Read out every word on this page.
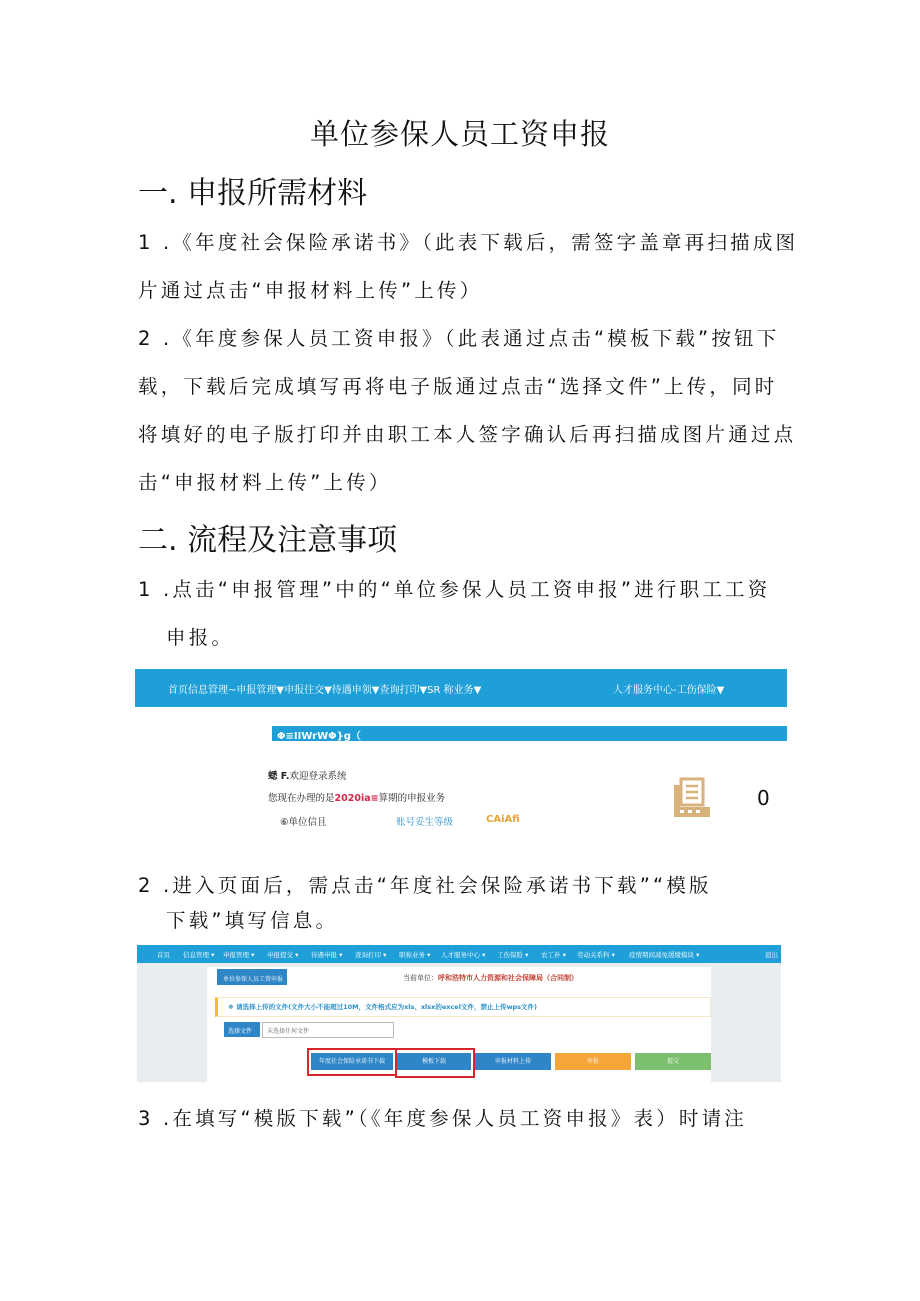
单位参保人员工资申报
一. 申报所需材料
1 .《年度社会保险承诺书》（此表下载后，需签字盖章再扫描成图
片通过点击“申报材料上传”上传）
2 .《年度参保人员工资申报》（此表通过点击“模板下载”按钮下
载，下载后完成填写再将电子版通过点击“选择文件”上传，同时
将填好的电子版打印并由职工本人签字确认后再扫描成图片通过点
击“申报材料上传”上传）
二. 流程及注意事项
1 .点击“申报管理”中的“单位参保人员工资申报”进行职工工资
申报。
首页信息管理~申报管理▼申报往交▼待遇申领▼查询打印▼SR 称业务▼	人才服务中心-工伤保险▼
Φ≡IIWrWΦ}g（
蟋 F.欢迎登录系统
您现在办理的是2020ia≡算期的申报业务
⑥单位信且	账号妥生等级	CAiAfi
0
2 .进入页面后，需点击“年度社会保险承诺书下载”“模版
下载”填写信息。
首页 信息管理 ▾ 申报管理 ▾ 申报提交 ▾ 待遇申报 ▾ 查询打印 ▾ 职称业务 ▾ 人才服务中心 ▾ 工伤保险 ▾ 农工补 ▾ 劳动关系科 ▾ 疫情期间减免缓缴模块 ▾	退出
单位参保人员工资申报	当前单位：呼和浩特市人力资源和社会保障局（合同制）
❖ 请选择上传的文件(文件大小不能超过10M，文件格式应为xls、xlsx的excel文件，禁止上传wps文件)
选择文件 未选择任何文件
年度社会保险承诺书下载	模板下载	申报材料上传	申报	提交
3 .在填写“模版下载”（《年度参保人员工资申报》表）时请注
